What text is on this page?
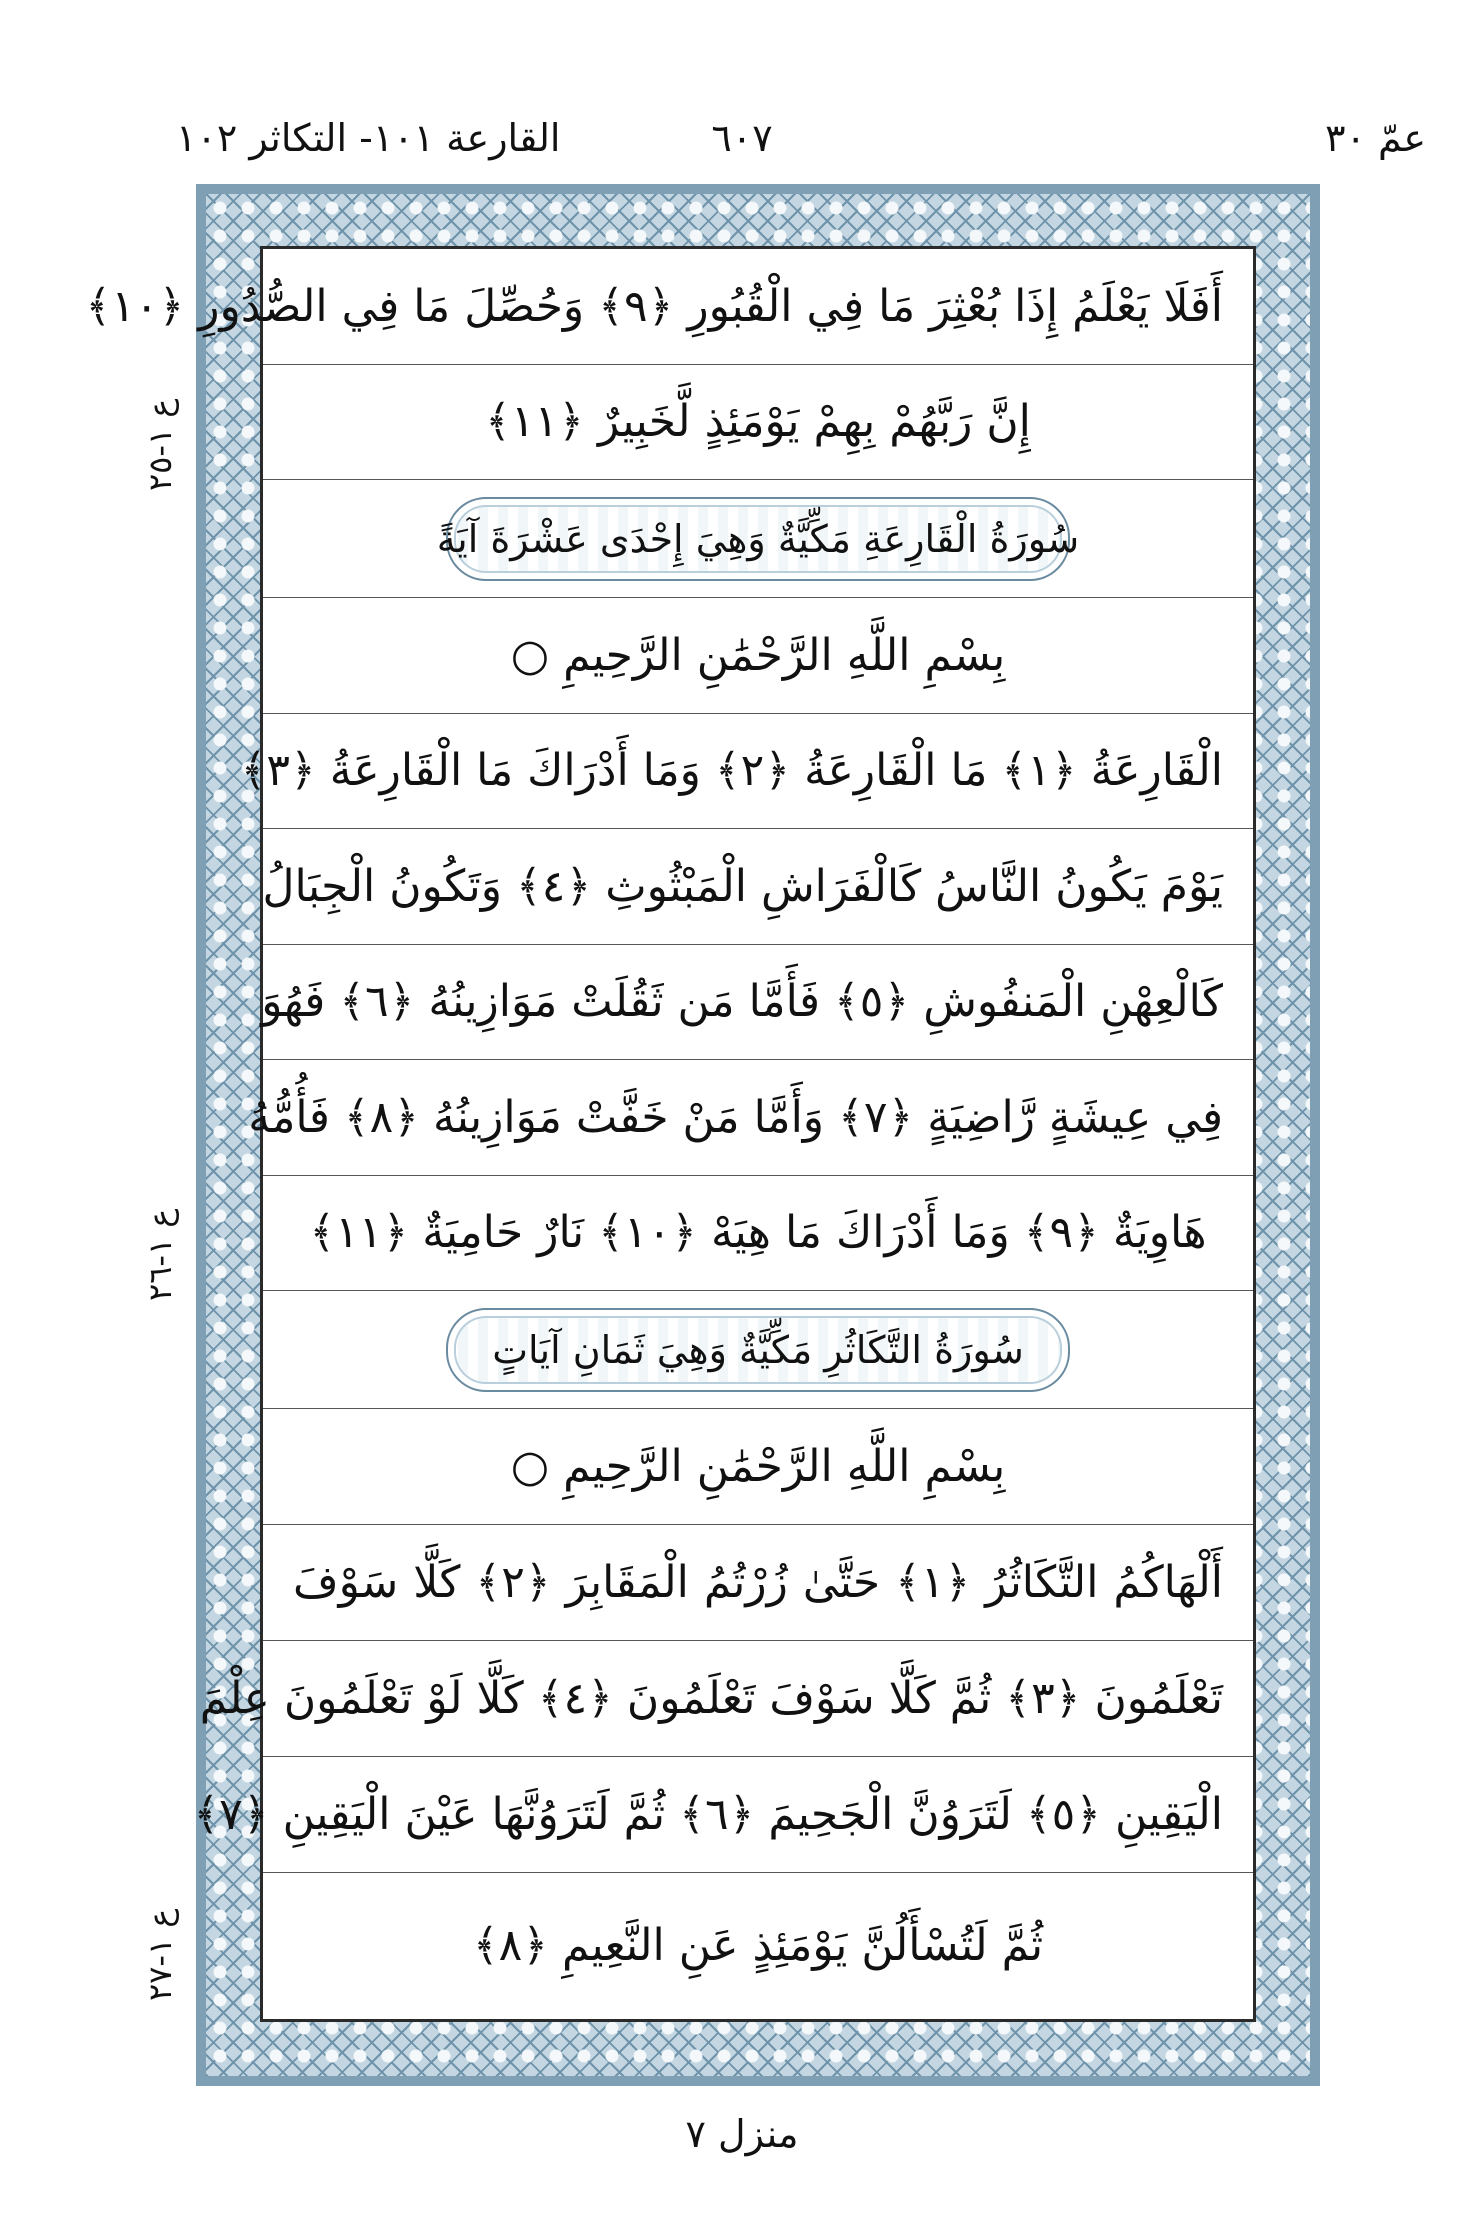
عمّ ٣٠
٦٠٧
القارعة ١٠١- التكاثر ١٠٢
ع ١-٢٥
ع ١-٢٦
ع ١-٢٧
أَفَلَا يَعْلَمُ إِذَا بُعْثِرَ مَا فِي الْقُبُورِ ﴿٩﴾ وَحُصِّلَ مَا فِي الصُّدُورِ ﴿١٠﴾
إِنَّ رَبَّهُمْ بِهِمْ يَوْمَئِذٍ لَّخَبِيرٌ ﴿١١﴾
سُورَةُ الْقَارِعَةِ مَكِّيَّةٌ وَهِيَ إِحْدَى عَشْرَةَ آيَةً
بِسْمِ اللَّهِ الرَّحْمَٰنِ الرَّحِيمِ ○
الْقَارِعَةُ ﴿١﴾ مَا الْقَارِعَةُ ﴿٢﴾ وَمَا أَدْرَاكَ مَا الْقَارِعَةُ ﴿٣﴾
يَوْمَ يَكُونُ النَّاسُ كَالْفَرَاشِ الْمَبْثُوثِ ﴿٤﴾ وَتَكُونُ الْجِبَالُ
كَالْعِهْنِ الْمَنفُوشِ ﴿٥﴾ فَأَمَّا مَن ثَقُلَتْ مَوَازِينُهُ ﴿٦﴾ فَهُوَ
فِي عِيشَةٍ رَّاضِيَةٍ ﴿٧﴾ وَأَمَّا مَنْ خَفَّتْ مَوَازِينُهُ ﴿٨﴾ فَأُمُّهُ
هَاوِيَةٌ ﴿٩﴾ وَمَا أَدْرَاكَ مَا هِيَهْ ﴿١٠﴾ نَارٌ حَامِيَةٌ ﴿١١﴾
سُورَةُ التَّكَاثُرِ مَكِّيَّةٌ وَهِيَ ثَمَانِ آيَاتٍ
بِسْمِ اللَّهِ الرَّحْمَٰنِ الرَّحِيمِ ○
أَلْهَاكُمُ التَّكَاثُرُ ﴿١﴾ حَتَّىٰ زُرْتُمُ الْمَقَابِرَ ﴿٢﴾ كَلَّا سَوْفَ
تَعْلَمُونَ ﴿٣﴾ ثُمَّ كَلَّا سَوْفَ تَعْلَمُونَ ﴿٤﴾ كَلَّا لَوْ تَعْلَمُونَ عِلْمَ
الْيَقِينِ ﴿٥﴾ لَتَرَوُنَّ الْجَحِيمَ ﴿٦﴾ ثُمَّ لَتَرَوُنَّهَا عَيْنَ الْيَقِينِ ﴿٧﴾
ثُمَّ لَتُسْأَلُنَّ يَوْمَئِذٍ عَنِ النَّعِيمِ ﴿٨﴾
منزل ٧
